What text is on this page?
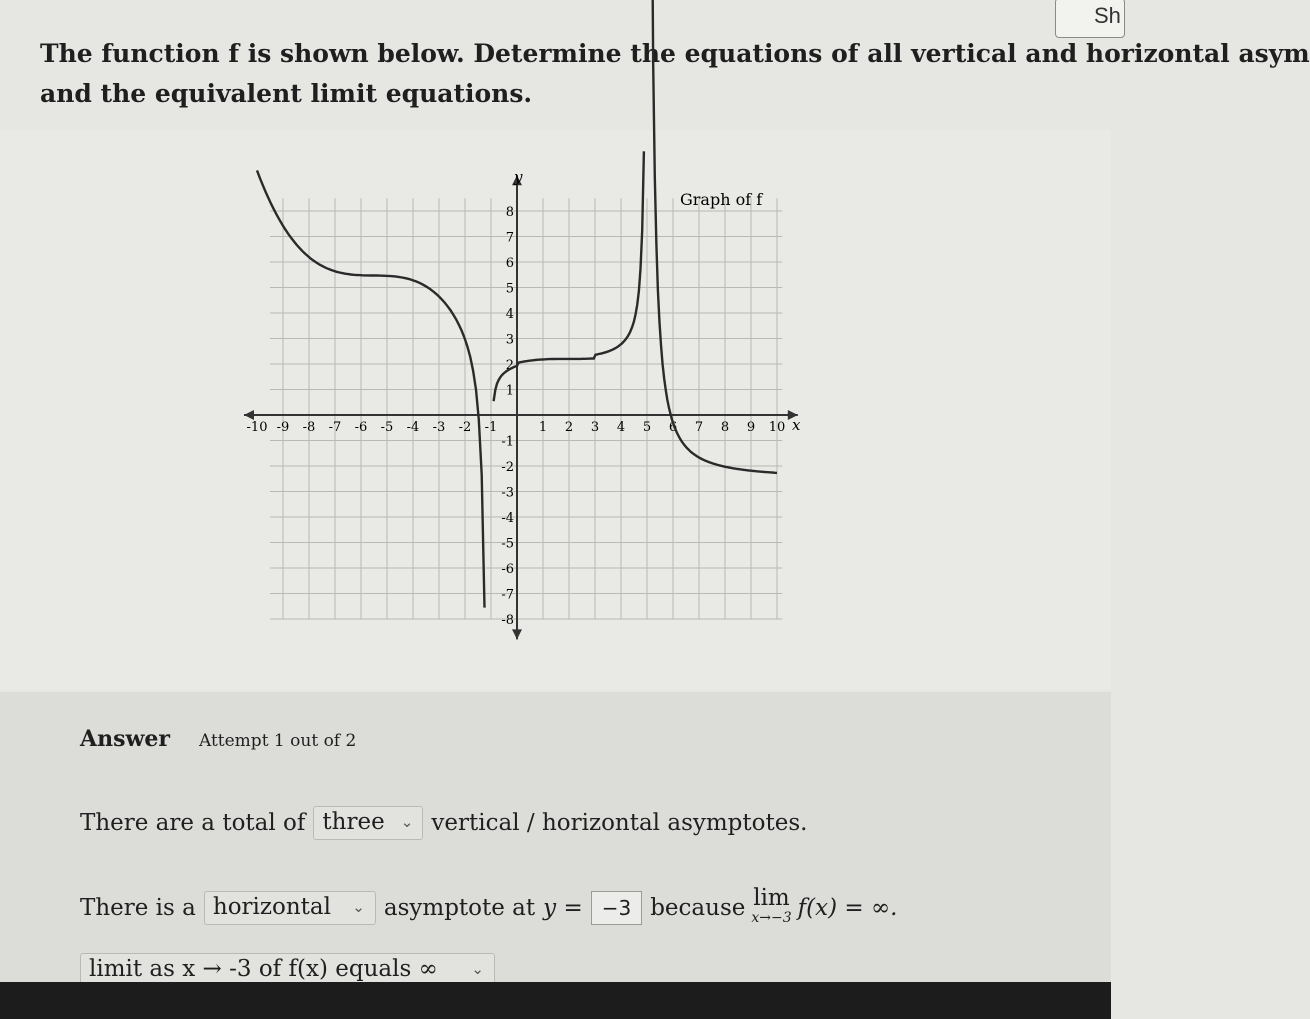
Sh
The function f is shown below. Determine the equations of all vertical and horizontal asym
and the equivalent limit equations.
-10 -9 -8 -7 -6 -5 -4 -3 -2 -1	1 2 3 4 5 6 7 8 9 10
8
7
6
5
4
3
2
1
-1
-2
-3
-4
-5
-6
-7
-8
Graph of f
x
y
Answer Attempt 1 out of 2
There are a total of three ⌄ vertical / horizontal asymptotes.
There is a horizontal ⌄ asymptote at y = −3 because lim
x→−3 f(x) = ∞.
limit as x → -3 of f(x) equals ∞ ⌄
